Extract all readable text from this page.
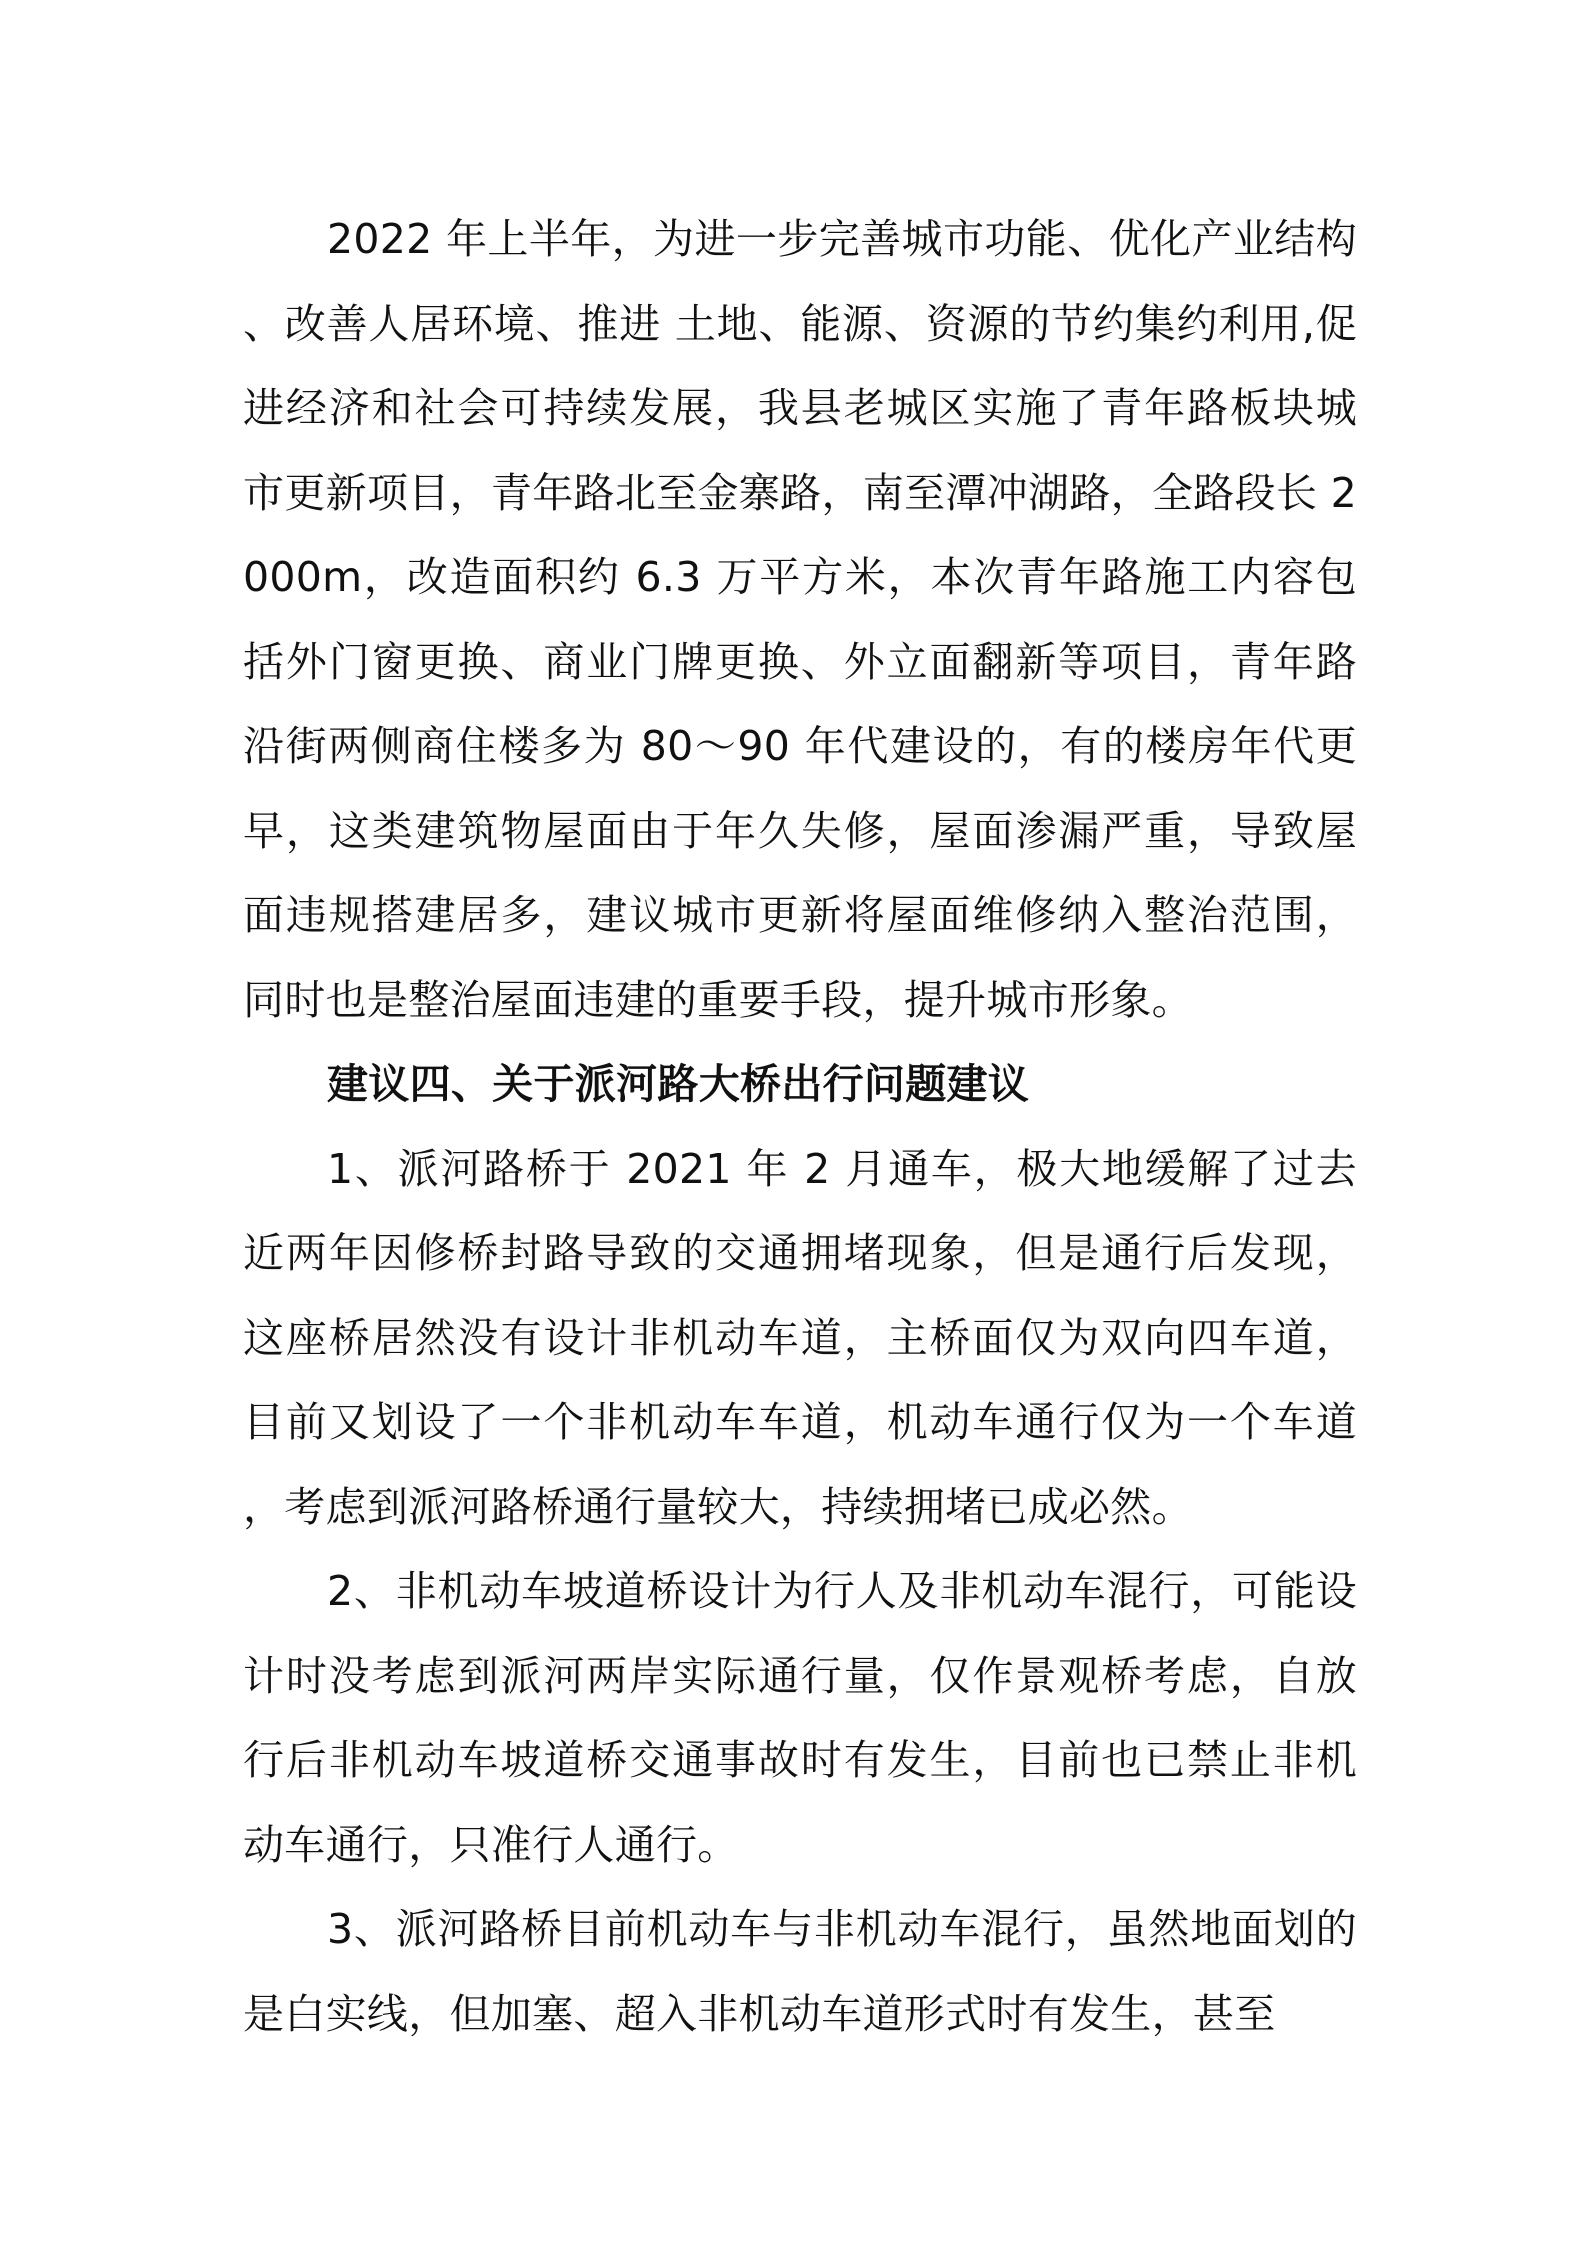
2022 年上半年，为进一步完善城市功能、优化产业结构、改善人居环境、推进 土地、能源、资源的节约集约利用,促进经济和社会可持续发展，我县老城区实施了青年路板块城市更新项目，青年路北至金寨路，南至潭冲湖路，全路段长 2000m，改造面积约 6.3 万平方米，本次青年路施工内容包括外门窗更换、商业门牌更换、外立面翻新等项目，青年路沿街两侧商住楼多为 80～90 年代建设的，有的楼房年代更早，这类建筑物屋面由于年久失修，屋面渗漏严重，导致屋面违规搭建居多，建议城市更新将屋面维修纳入整治范围，同时也是整治屋面违建的重要手段，提升城市形象。

建议四、关于派河路大桥出行问题建议

1、派河路桥于 2021 年 2 月通车，极大地缓解了过去近两年因修桥封路导致的交通拥堵现象，但是通行后发现，这座桥居然没有设计非机动车道，主桥面仅为双向四车道，目前又划设了一个非机动车车道，机动车通行仅为一个车道，考虑到派河路桥通行量较大，持续拥堵已成必然。

2、非机动车坡道桥设计为行人及非机动车混行，可能设计时没考虑到派河两岸实际通行量，仅作景观桥考虑，自放行后非机动车坡道桥交通事故时有发生，目前也已禁止非机动车通行，只准行人通行。

3、派河路桥目前机动车与非机动车混行，虽然地面划的是白实线，但加塞、超入非机动车道形式时有发生，甚至
